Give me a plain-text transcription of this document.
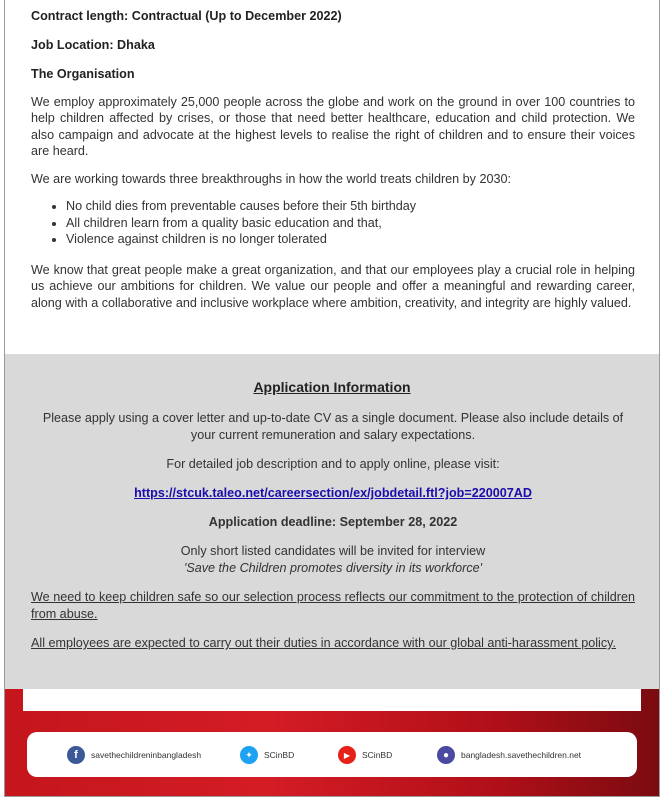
Contract length: Contractual (Up to December 2022)

Job Location: Dhaka

The Organisation

We employ approximately 25,000 people across the globe and work on the ground in over 100 countries to help children affected by crises, or those that need better healthcare, education and child protection. We also campaign and advocate at the highest levels to realise the right of children and to ensure their voices are heard.

We are working towards three breakthroughs in how the world treats children by 2030:

• No child dies from preventable causes before their 5th birthday
• All children learn from a quality basic education and that,
• Violence against children is no longer tolerated

We know that great people make a great organization, and that our employees play a crucial role in helping us achieve our ambitions for children. We value our people and offer a meaningful and rewarding career, along with a collaborative and inclusive workplace where ambition, creativity, and integrity are highly valued.

Application Information
Please apply using a cover letter and up-to-date CV as a single document. Please also include details of your current remuneration and salary expectations.
For detailed job description and to apply online, please visit:
https://stcuk.taleo.net/careersection/ex/jobdetail.ftl?job=220007AD
Application deadline: September 28, 2022
Only short listed candidates will be invited for interview
'Save the Children promotes diversity in its workforce'
We need to keep children safe so our selection process reflects our commitment to the protection of children from abuse.
All employees are expected to carry out their duties in accordance with our global anti-harassment policy.
f	savethechildreninbangladesh	✦	SCinBD	▶	SCinBD	●	bangladesh.savethechildren.net
